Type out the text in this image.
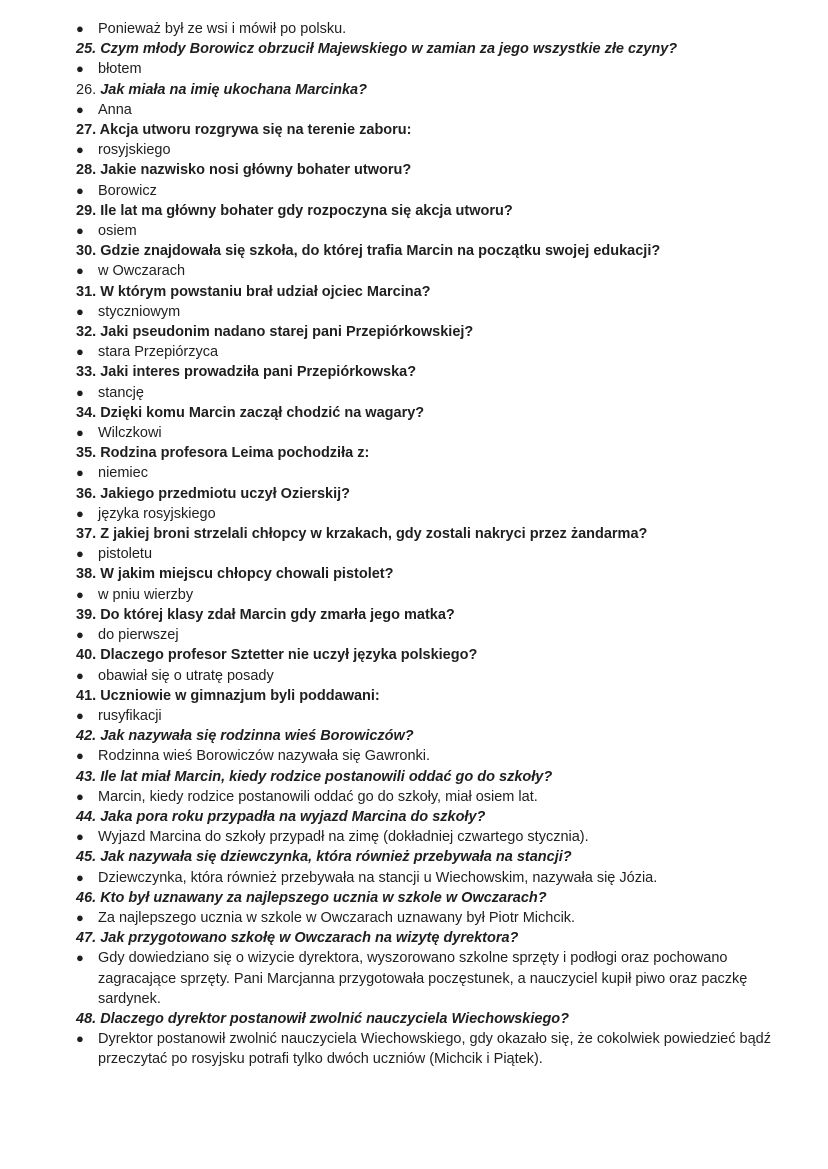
● Ponieważ był ze wsi i mówił po polsku.
25. Czym młody Borowicz obrzucił Majewskiego w zamian za jego wszystkie złe czyny?
● błotem
26. Jak miała na imię ukochana Marcinka?
● Anna
27. Akcja utworu rozgrywa się na terenie zaboru:
● rosyjskiego
28. Jakie nazwisko nosi główny bohater utworu?
● Borowicz
29. Ile lat ma główny bohater gdy rozpoczyna się akcja utworu?
● osiem
30. Gdzie znajdowała się szkoła, do której trafia Marcin na początku swojej edukacji?
● w Owczarach
31. W którym powstaniu brał udział ojciec Marcina?
● styczniowym
32. Jaki pseudonim nadano starej pani Przepiórkowskiej?
● stara Przepiórzyca
33. Jaki interes prowadziła pani Przepiórkowska?
● stancję
34. Dzięki komu Marcin zaczął chodzić na wagary?
● Wilczkowi
35. Rodzina profesora Leima pochodziła z:
● niemiec
36. Jakiego przedmiotu uczył Ozierskij?
● języka rosyjskiego
37. Z jakiej broni strzelali chłopcy w krzakach, gdy zostali nakryci przez żandarma?
● pistoletu
38. W jakim miejscu chłopcy chowali pistolet?
● w pniu wierzby
39. Do której klasy zdał Marcin gdy zmarła jego matka?
● do pierwszej
40. Dlaczego profesor Sztetter nie uczył języka polskiego?
● obawiał się o utratę posady
41. Uczniowie w gimnazjum byli poddawani:
● rusyfikacji
42. Jak nazywała się rodzinna wieś Borowiczów?
● Rodzinna wieś Borowiczów nazywała się Gawronki.
43. Ile lat miał Marcin, kiedy rodzice postanowili oddać go do szkoły?
● Marcin, kiedy rodzice postanowili oddać go do szkoły, miał osiem lat.
44. Jaka pora roku przypadła na wyjazd Marcina do szkoły?
● Wyjazd Marcina do szkoły przypadł na zimę (dokładniej czwartego stycznia).
45. Jak nazywała się dziewczynka, która również przebywała na stancji?
● Dziewczynka, która również przebywała na stancji u Wiechowskim, nazywała się Józia.
46. Kto był uznawany za najlepszego ucznia w szkole w Owczarach?
● Za najlepszego ucznia w szkole w Owczarach uznawany był Piotr Michcik.
47. Jak przygotowano szkołę w Owczarach na wizytę dyrektora?
● Gdy dowiedziano się o wizycie dyrektora, wyszorowano szkolne sprzęty i podłogi oraz pochowano zagracające sprzęty. Pani Marcjanna przygotowała poczęstunek, a nauczyciel kupił piwo oraz paczkę sardynek.
48. Dlaczego dyrektor postanowił zwolnić nauczyciela Wiechowskiego?
● Dyrektor postanowił zwolnić nauczyciela Wiechowskiego, gdy okazało się, że cokolwiek powiedzieć bądź przeczytać po rosyjsku potrafi tylko dwóch uczniów (Michcik i Piątek).
